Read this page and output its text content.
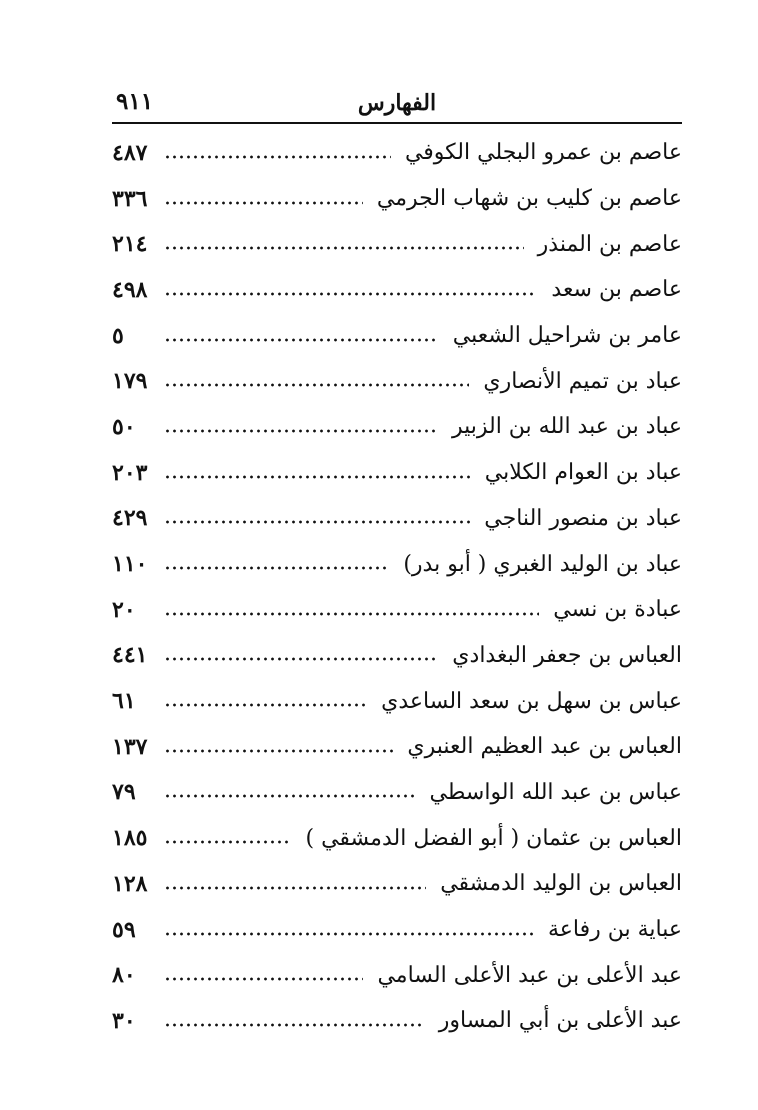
الفهارس
٩١١
٤٨٧	عاصم بن عمرو البجلي الكوفي
٣٣٦	عاصم بن كليب بن شهاب الجرمي
٢١٤	عاصم بن المنذر
٤٩٨	عاصم بن سعد
٥	عامر بن شراحيل الشعبي
١٧٩	عباد بن تميم الأنصاري
٥٠	عباد بن عبد الله بن الزبير
٢٠٣	عباد بن العوام الكلابي
٤٢٩	عباد بن منصور الناجي
١١٠	عباد بن الوليد الغبري ( أبو بدر)
٢٠	عبادة بن نسي
٤٤١	العباس بن جعفر البغدادي
٦١	عباس بن سهل بن سعد الساعدي
١٣٧	العباس بن عبد العظيم العنبري
٧٩	عباس بن عبد الله الواسطي
١٨٥	العباس بن عثمان ( أبو الفضل الدمشقي )
١٢٨	العباس بن الوليد الدمشقي
٥٩	عباية بن رفاعة
٨٠	عبد الأعلى بن عبد الأعلى السامي
٣٠	عبد الأعلى بن أبي المساور
